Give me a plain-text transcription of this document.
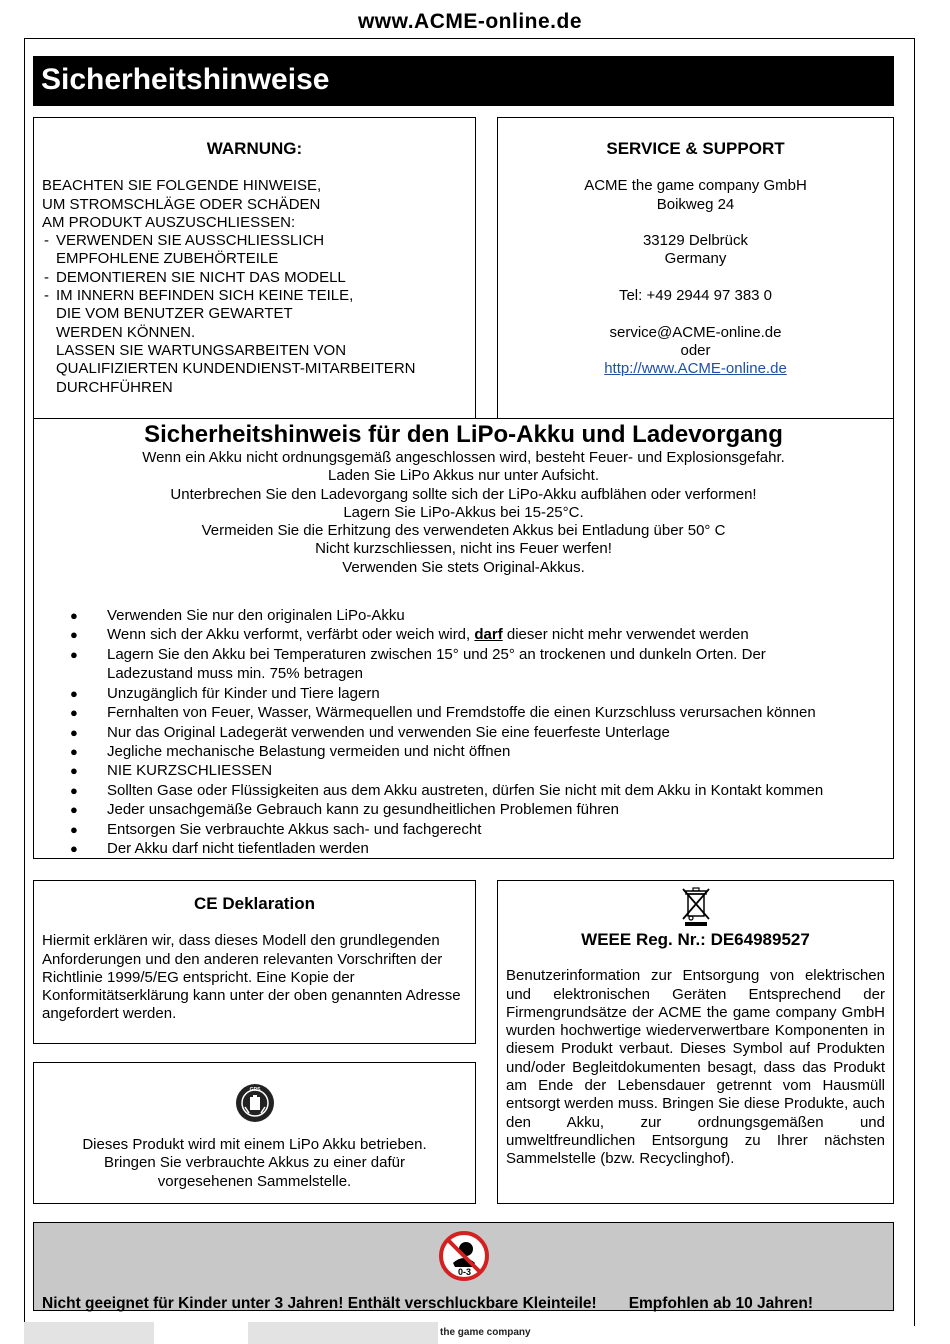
www.ACME-online.de
Sicherheitshinweise
WARNUNG:
BEACHTEN SIE FOLGENDE HINWEISE,
UM STROMSCHLÄGE ODER SCHÄDEN
AM PRODUKT AUSZUSCHLIESSEN:
- VERWENDEN SIE AUSSCHLIESSLICH
EMPFOHLENE ZUBEHÖRTEILE
- DEMONTIEREN SIE NICHT DAS MODELL
- IM INNERN BEFINDEN SICH KEINE TEILE,
DIE VOM BENUTZER GEWARTET
WERDEN KÖNNEN.
LASSEN SIE WARTUNGSARBEITEN VON
QUALIFIZIERTEN KUNDENDIENST-MITARBEITERN
DURCHFÜHREN
SERVICE & SUPPORT
ACME the game company GmbH
Boikweg 24
33129 Delbrück
Germany
Tel: +49 2944 97 383 0
service@ACME-online.de
oder
http://www.ACME-online.de
Sicherheitshinweis für den LiPo-Akku und Ladevorgang
Wenn ein Akku nicht ordnungsgemäß angeschlossen wird, besteht Feuer- und Explosionsgefahr.
Laden Sie LiPo Akkus nur unter Aufsicht.
Unterbrechen Sie den Ladevorgang sollte sich der LiPo-Akku aufblähen oder verformen!
Lagern Sie LiPo-Akkus bei 15-25°C.
Vermeiden Sie die Erhitzung des verwendeten Akkus bei Entladung über 50° C
Nicht kurzschliessen, nicht ins Feuer werfen!
Verwenden Sie stets Original-Akkus.
● Verwenden Sie nur den originalen LiPo-Akku
● Wenn sich der Akku verformt, verfärbt oder weich wird, darf dieser nicht mehr verwendet werden
● Lagern Sie den Akku bei Temperaturen zwischen 15° und 25° an trockenen und dunkeln Orten. Der
Ladezustand muss min. 75% betragen
● Unzugänglich für Kinder und Tiere lagern
● Fernhalten von Feuer, Wasser, Wärmequellen und Fremdstoffe die einen Kurzschluss verursachen können
● Nur das Original Ladegerät verwenden und verwenden Sie eine feuerfeste Unterlage
● Jegliche mechanische Belastung vermeiden und nicht öffnen
● NIE KURZSCHLIESSEN
● Sollten Gase oder Flüssigkeiten aus dem Akku austreten, dürfen Sie nicht mit dem Akku in Kontakt kommen
● Jeder unsachgemäße Gebrauch kann zu gesundheitlichen Problemen führen
● Entsorgen Sie verbrauchte Akkus sach- und fachgerecht
● Der Akku darf nicht tiefentladen werden
CE Deklaration

Hiermit erklären wir, dass dieses Modell den grundlegenden Anforderungen und den anderen relevanten Vorschriften der Richtlinie 1999/5/EG entspricht. Eine Kopie der Konformitätserklärung kann unter der oben genannten Adresse angefordert werden.

GRS

Dieses Produkt wird mit einem LiPo Akku betrieben.
Bringen Sie verbrauchte Akkus zu einer dafür
vorgesehenen Sammelstelle.

WEEE Reg. Nr.: DE64989527

Benutzerinformation zur Entsorgung von elektrischen und elektronischen Geräten Entsprechend der Firmengrundsätze der ACME the game company GmbH wurden hochwertige wiederverwertbare Komponenten in diesem Produkt verbaut. Dieses Symbol auf Produkten und/oder Begleitdokumenten besagt, dass das Produkt am Ende der Lebensdauer getrennt vom Hausmüll entsorgt werden muss. Bringen Sie diese Produkte, auch den Akku, zur ordnungsgemäßen und umweltfreundlichen Entsorgung zu Ihrer nächsten Sammelstelle (bzw. Recyclinghof).

0-3
Nicht geeignet für Kinder unter 3 Jahren! Enthält verschluckbare Kleinteile! Empfohlen ab 10 Jahren!
the game company
